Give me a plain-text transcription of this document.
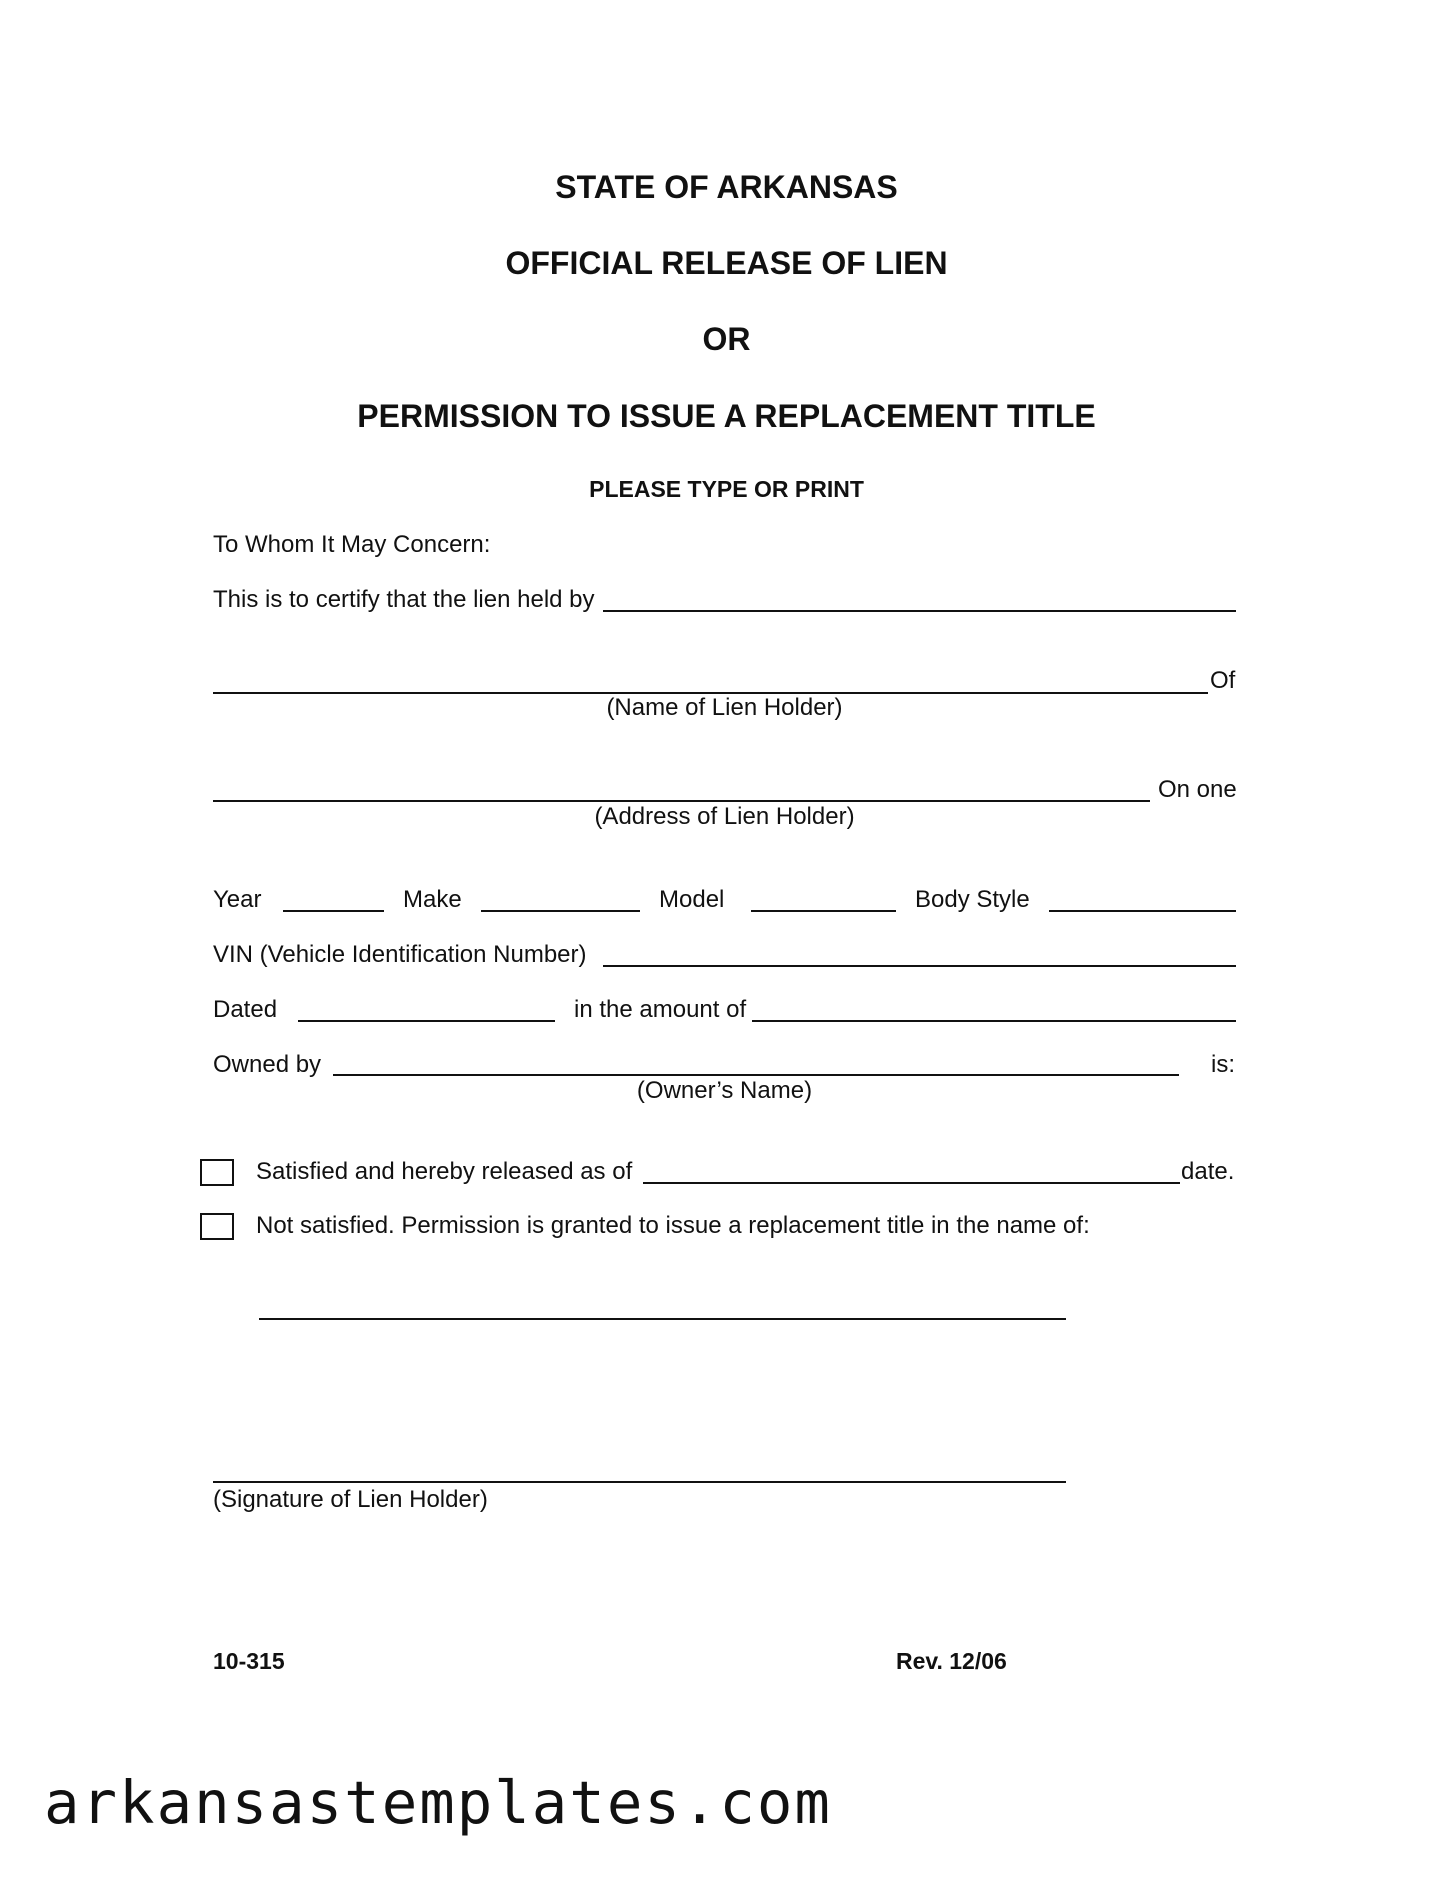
STATE OF ARKANSAS
OFFICIAL RELEASE OF LIEN
OR
PERMISSION TO ISSUE A REPLACEMENT TITLE
PLEASE TYPE OR PRINT
To Whom It May Concern:
This is to certify that the lien held by
Of
(Name of Lien Holder)
On one
(Address of Lien Holder)
Year	Make	Model	Body Style
VIN (Vehicle Identification Number)
Dated	in the amount of
Owned by	is:
(Owner’s Name)
Satisfied and hereby released as of	date.
Not satisfied. Permission is granted to issue a replacement title in the name of:
(Signature of Lien Holder)
10-315	Rev. 12/06
arkansastemplates.com
